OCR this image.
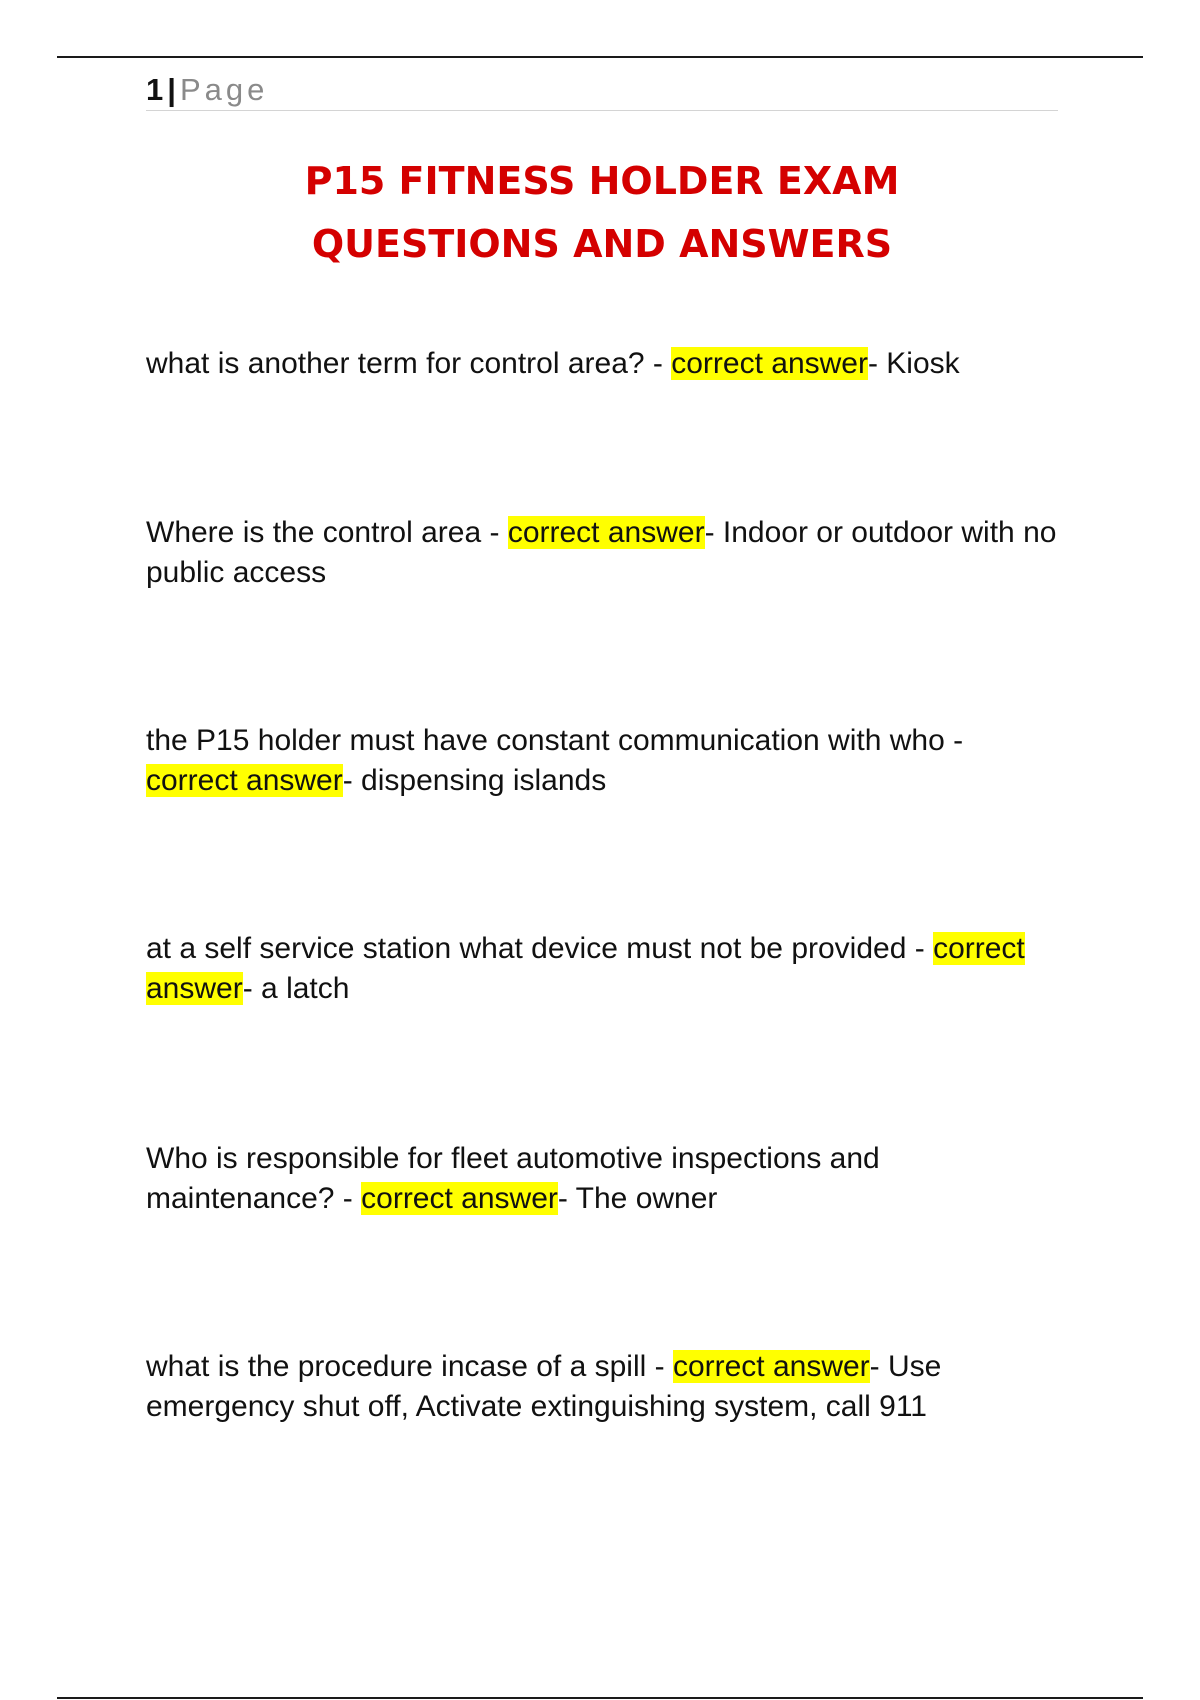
1 | Page
P15 FITNESS HOLDER EXAM
QUESTIONS AND ANSWERS

what is another term for control area? - correct answer- Kiosk

Where is the control area - correct answer- Indoor or outdoor with no public access

the P15 holder must have constant communication with who - correct answer- dispensing islands

at a self service station what device must not be provided - correct answer- a latch

Who is responsible for fleet automotive inspections and maintenance? - correct answer- The owner

what is the procedure incase of a spill - correct answer- Use emergency shut off, Activate extinguishing system, call 911
